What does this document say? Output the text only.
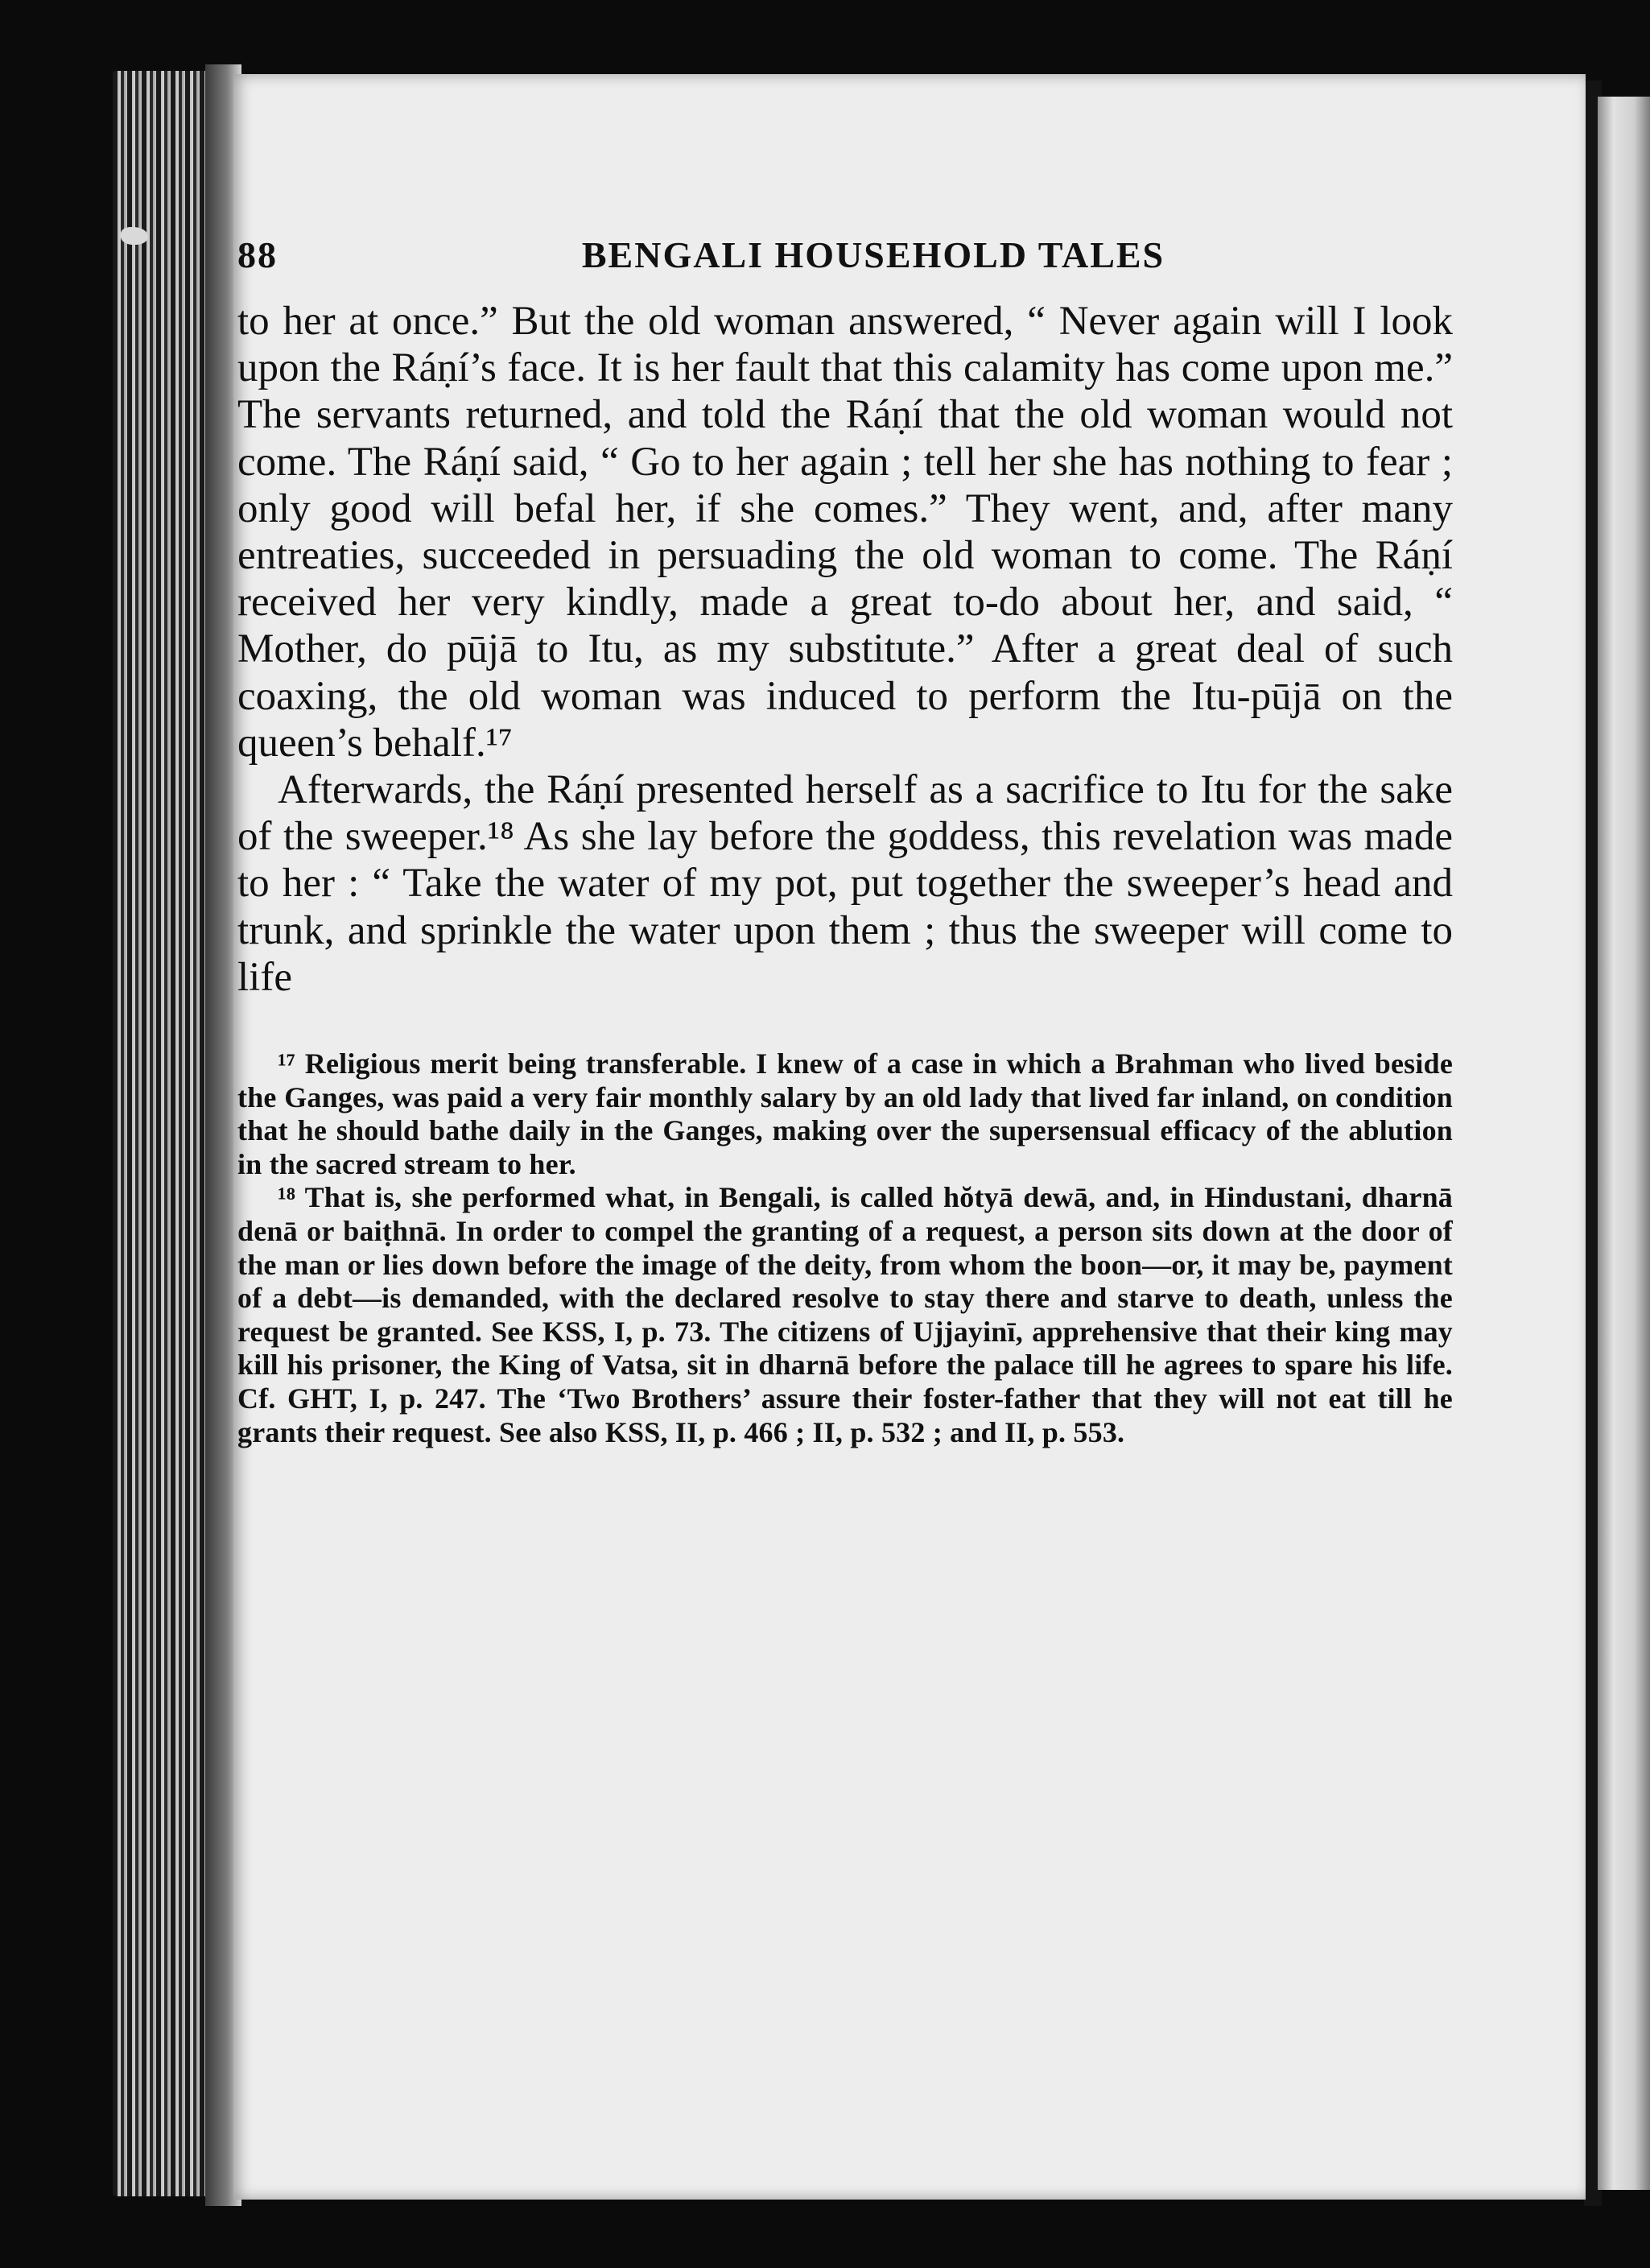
88	BENGALI HOUSEHOLD TALES

to her at once.” But the old woman answered, “ Never again will I look upon the Ráṇí’s face. It is her fault that this calamity has come upon me.” The servants returned, and told the Ráṇí that the old woman would not come. The Ráṇí said, “ Go to her again ; tell her she has nothing to fear ; only good will befal her, if she comes.” They went, and, after many entreaties, succeeded in persuading the old woman to come. The Ráṇí received her very kindly, made a great to-do about her, and said, “ Mother, do pūjā to Itu, as my substitute.” After a great deal of such coaxing, the old woman was induced to perform the Itu-pūjā on the queen’s behalf.¹⁷

Afterwards, the Ráṇí presented herself as a sacrifice to Itu for the sake of the sweeper.¹⁸ As she lay before the goddess, this revelation was made to her : “ Take the water of my pot, put together the sweeper’s head and trunk, and sprinkle the water upon them ; thus the sweeper will come to life

¹⁷ Religious merit being transferable. I knew of a case in which a Brahman who lived beside the Ganges, was paid a very fair monthly salary by an old lady that lived far inland, on condition that he should bathe daily in the Ganges, making over the supersensual efficacy of the ablution in the sacred stream to her.

¹⁸ That is, she performed what, in Bengali, is called hŏtyā dewā, and, in Hindustani, dharnā denā or baiṭhnā. In order to compel the granting of a request, a person sits down at the door of the man or lies down before the image of the deity, from whom the boon—or, it may be, payment of a debt—is demanded, with the declared resolve to stay there and starve to death, unless the request be granted. See KSS, I, p. 73. The citizens of Ujjayinī, apprehensive that their king may kill his prisoner, the King of Vatsa, sit in dharnā before the palace till he agrees to spare his life. Cf. GHT, I, p. 247. The ‘Two Brothers’ assure their foster-father that they will not eat till he grants their request. See also KSS, II, p. 466 ; II, p. 532 ; and II, p. 553.
